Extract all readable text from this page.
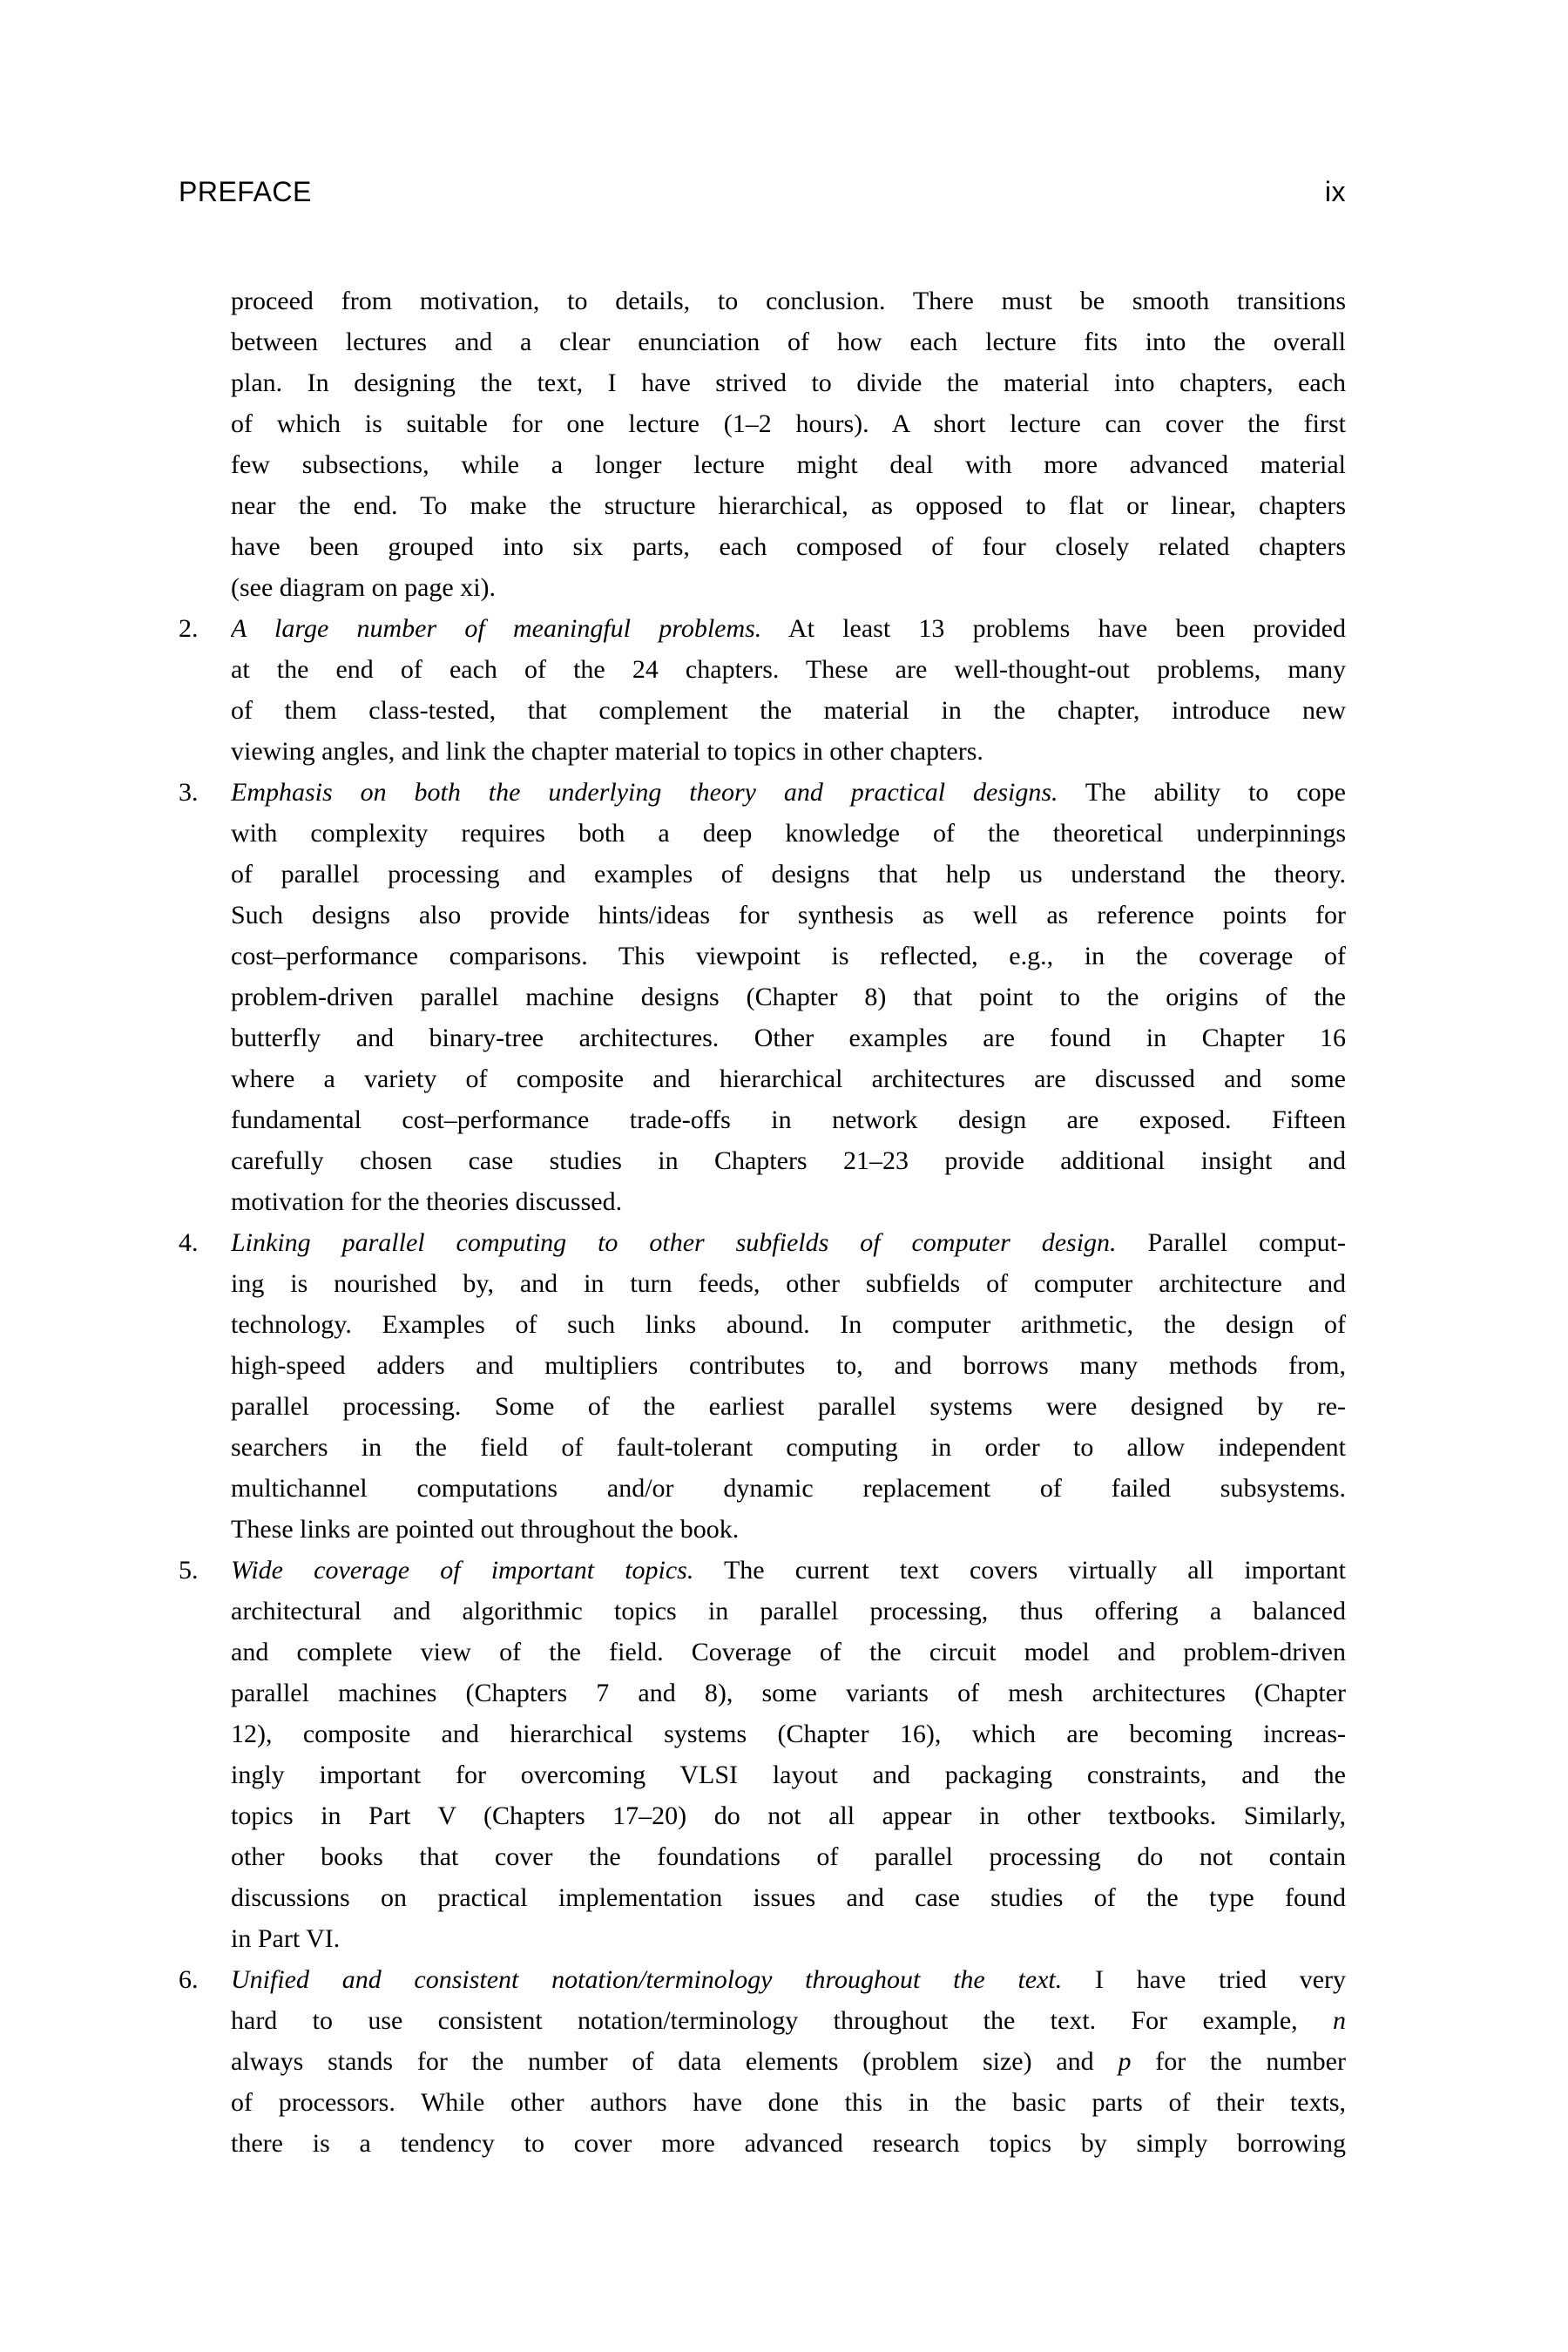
PREFACE	ix
proceed from motivation, to details, to conclusion. There must be smooth transitions
between lectures and a clear enunciation of how each lecture fits into the overall
plan. In designing the text, I have strived to divide the material into chapters, each
of which is suitable for one lecture (1–2 hours). A short lecture can cover the first
few subsections, while a longer lecture might deal with more advanced material
near the end. To make the structure hierarchical, as opposed to flat or linear, chapters
have been grouped into six parts, each composed of four closely related chapters
(see diagram on page xi).
2.	A large number of meaningful problems. At least 13 problems have been provided
at the end of each of the 24 chapters. These are well-thought-out problems, many
of them class-tested, that complement the material in the chapter, introduce new
viewing angles, and link the chapter material to topics in other chapters.
3.	Emphasis on both the underlying theory and practical designs. The ability to cope
with complexity requires both a deep knowledge of the theoretical underpinnings
of parallel processing and examples of designs that help us understand the theory.
Such designs also provide hints/ideas for synthesis as well as reference points for
cost–performance comparisons. This viewpoint is reflected, e.g., in the coverage of
problem-driven parallel machine designs (Chapter 8) that point to the origins of the
butterfly and binary-tree architectures. Other examples are found in Chapter 16
where a variety of composite and hierarchical architectures are discussed and some
fundamental cost–performance trade-offs in network design are exposed. Fifteen
carefully chosen case studies in Chapters 21–23 provide additional insight and
motivation for the theories discussed.
4.	Linking parallel computing to other subfields of computer design. Parallel comput-
ing is nourished by, and in turn feeds, other subfields of computer architecture and
technology. Examples of such links abound. In computer arithmetic, the design of
high-speed adders and multipliers contributes to, and borrows many methods from,
parallel processing. Some of the earliest parallel systems were designed by re-
searchers in the field of fault-tolerant computing in order to allow independent
multichannel computations and/or dynamic replacement of failed subsystems.
These links are pointed out throughout the book.
5.	Wide coverage of important topics. The current text covers virtually all important
architectural and algorithmic topics in parallel processing, thus offering a balanced
and complete view of the field. Coverage of the circuit model and problem-driven
parallel machines (Chapters 7 and 8), some variants of mesh architectures (Chapter
12), composite and hierarchical systems (Chapter 16), which are becoming increas-
ingly important for overcoming VLSI layout and packaging constraints, and the
topics in Part V (Chapters 17–20) do not all appear in other textbooks. Similarly,
other books that cover the foundations of parallel processing do not contain
discussions on practical implementation issues and case studies of the type found
in Part VI.
6.	Unified and consistent notation/terminology throughout the text. I have tried very
hard to use consistent notation/terminology throughout the text. For example, n
always stands for the number of data elements (problem size) and p for the number
of processors. While other authors have done this in the basic parts of their texts,
there is a tendency to cover more advanced research topics by simply borrowing
